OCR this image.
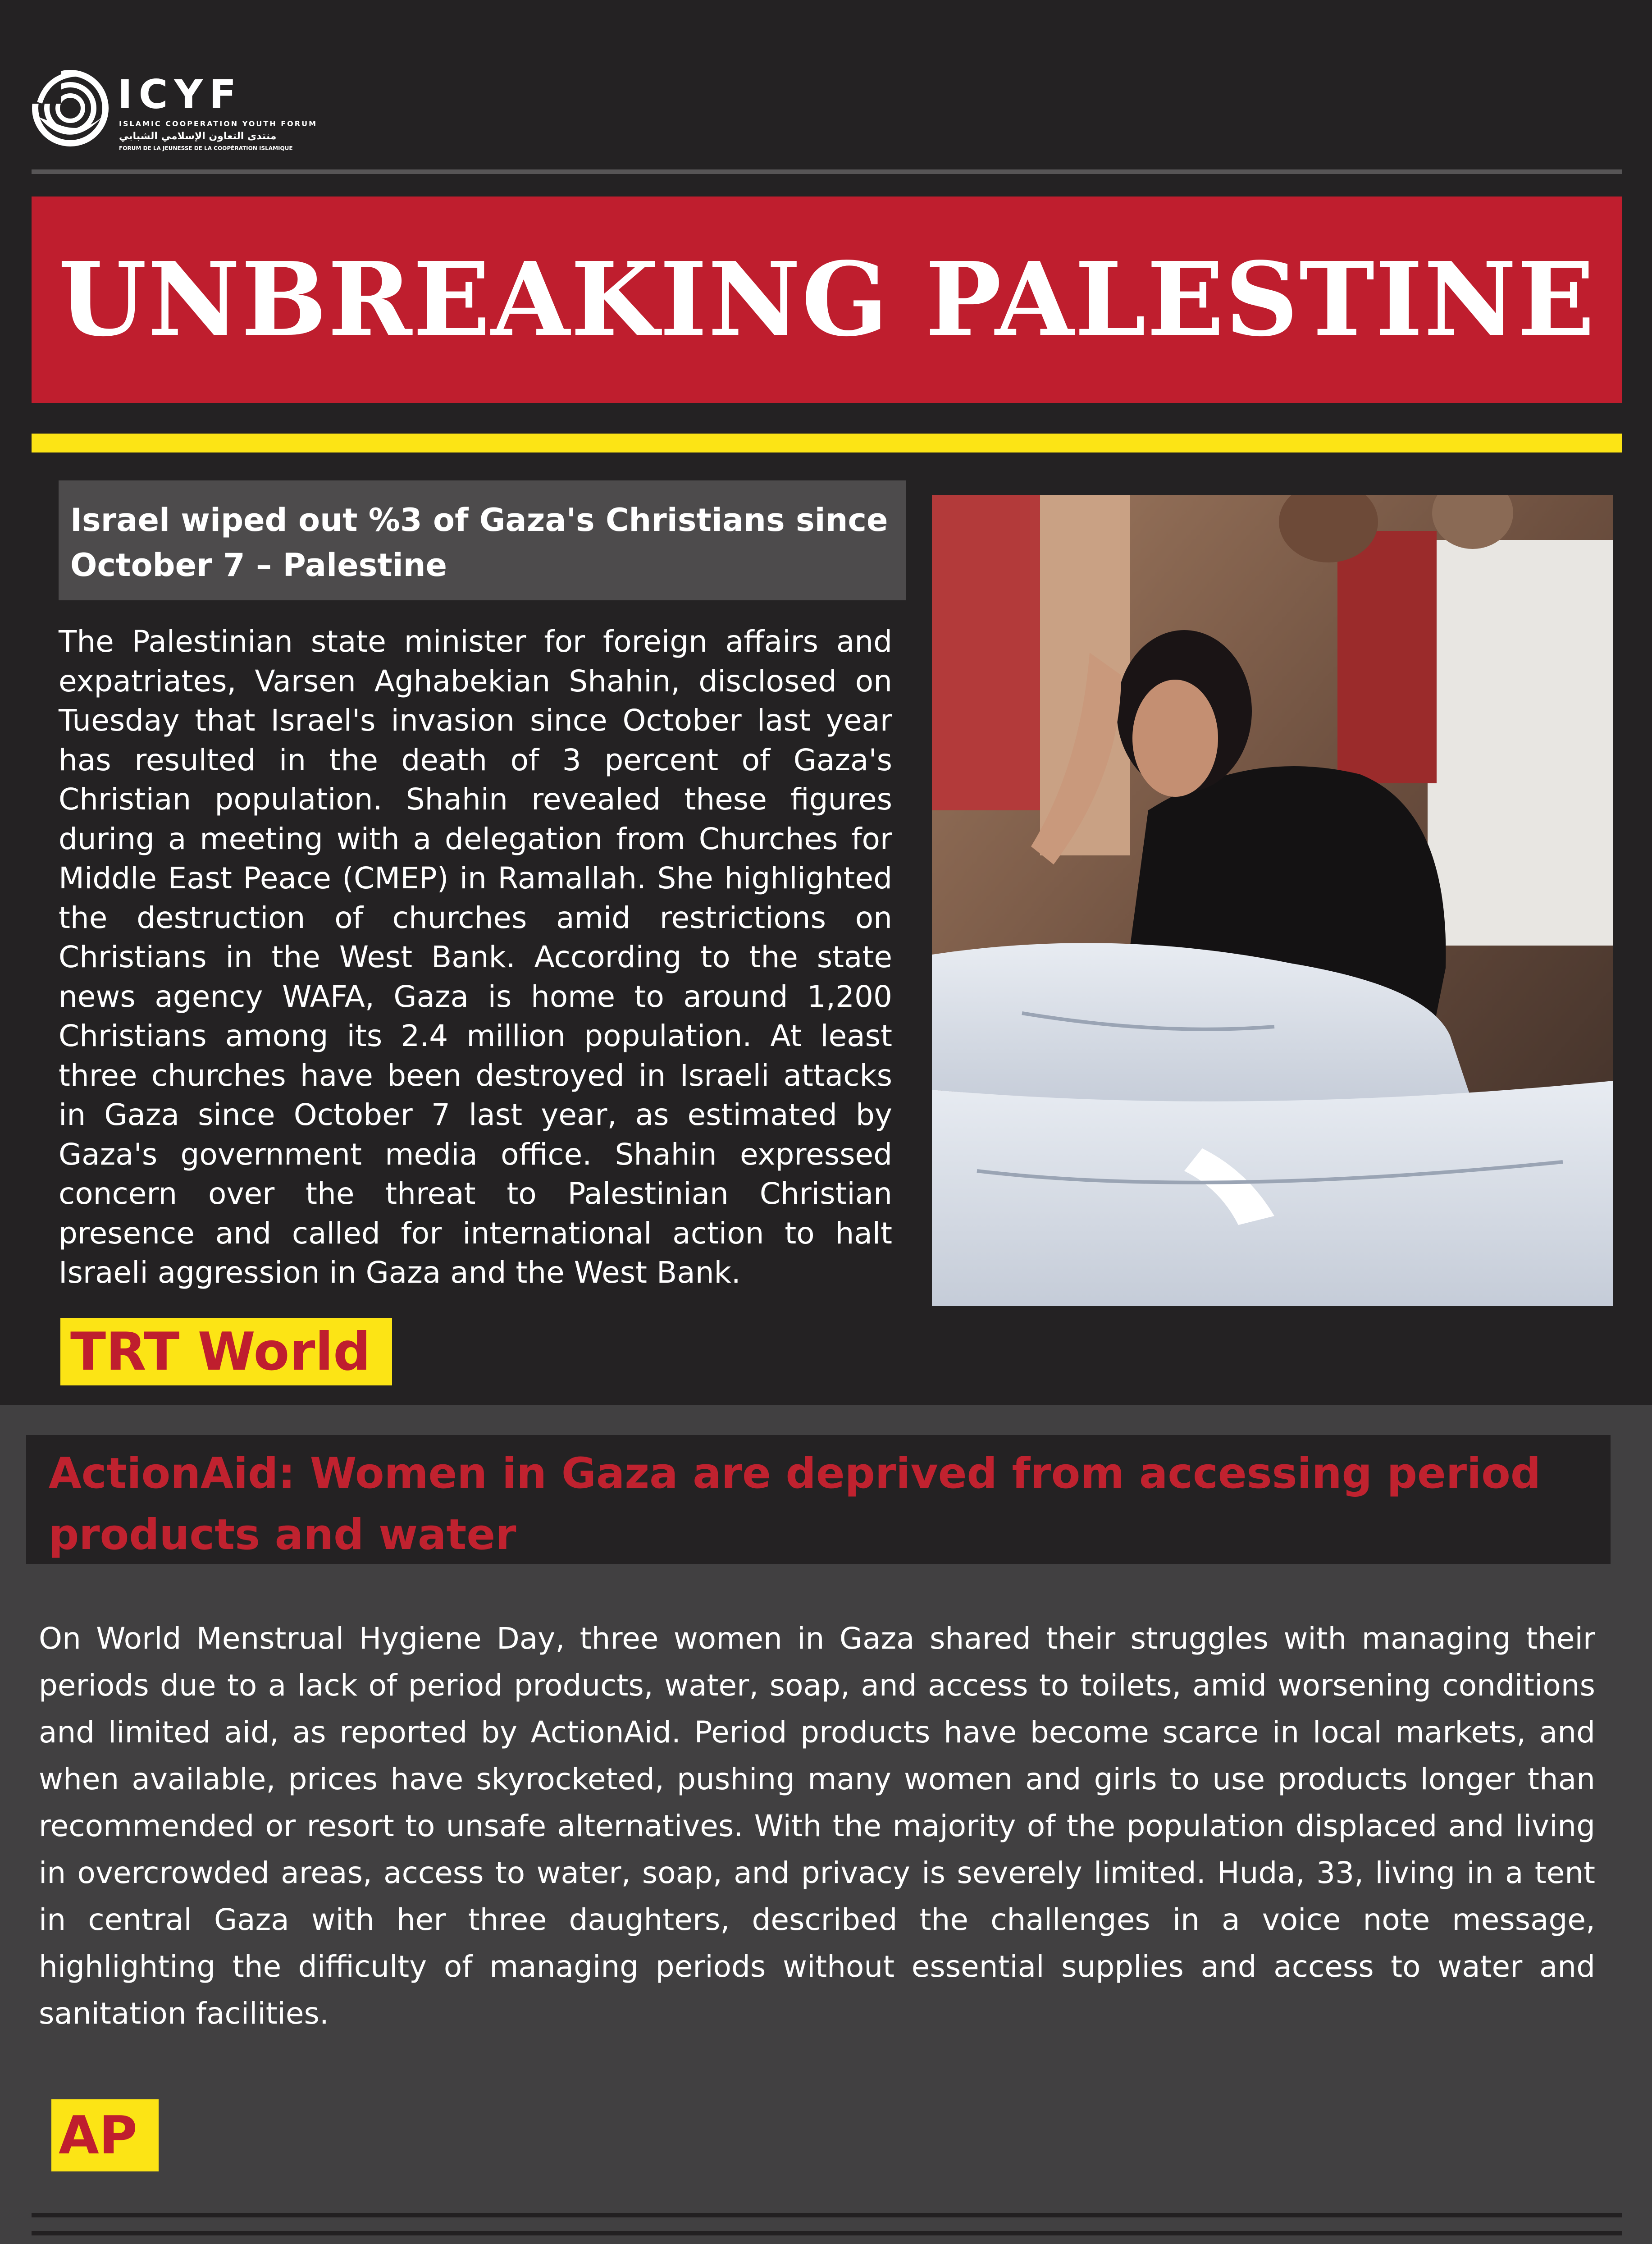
ICYF
ISLAMIC COOPERATION YOUTH FORUM
منتدى التعاون الإسلامي الشبابي
FORUM DE LA JEUNESSE DE LA COOPÉRATION ISLAMIQUE
UNBREAKING PALESTINE
Israel wiped out %3 of Gaza's Christians since October 7 – Palestine
The Palestinian state minister for foreign affairs and expatriates, Varsen Aghabekian Shahin, disclosed on Tuesday that Israel's invasion since October last year has resulted in the death of 3 percent of Gaza's Christian population. Shahin revealed these figures during a meeting with a delegation from Churches for Middle East Peace (CMEP) in Ramallah. She highlighted the destruction of churches amid restrictions on Christians in the West Bank. According to the state news agency WAFA, Gaza is home to around 1,200 Christians among its 2.4 million population. At least three churches have been destroyed in Israeli attacks in Gaza since October 7 last year, as estimated by Gaza's government media office. Shahin expressed concern over the threat to Palestinian Christian presence and called for international action to halt Israeli aggression in Gaza and the West Bank.
TRT World
ActionAid: Women in Gaza are deprived from accessing period products and water
On World Menstrual Hygiene Day, three women in Gaza shared their struggles with managing their periods due to a lack of period products, water, soap, and access to toilets, amid worsening conditions and limited aid, as reported by ActionAid. Period products have become scarce in local markets, and when available, prices have skyrocketed, pushing many women and girls to use products longer than recommended or resort to unsafe alternatives. With the majority of the population displaced and living in overcrowded areas, access to water, soap, and privacy is severely limited. Huda, 33, living in a tent in central Gaza with her three daughters, described the challenges in a voice note message, highlighting the difficulty of managing periods without essential supplies and access to water and sanitation facilities.
AP
